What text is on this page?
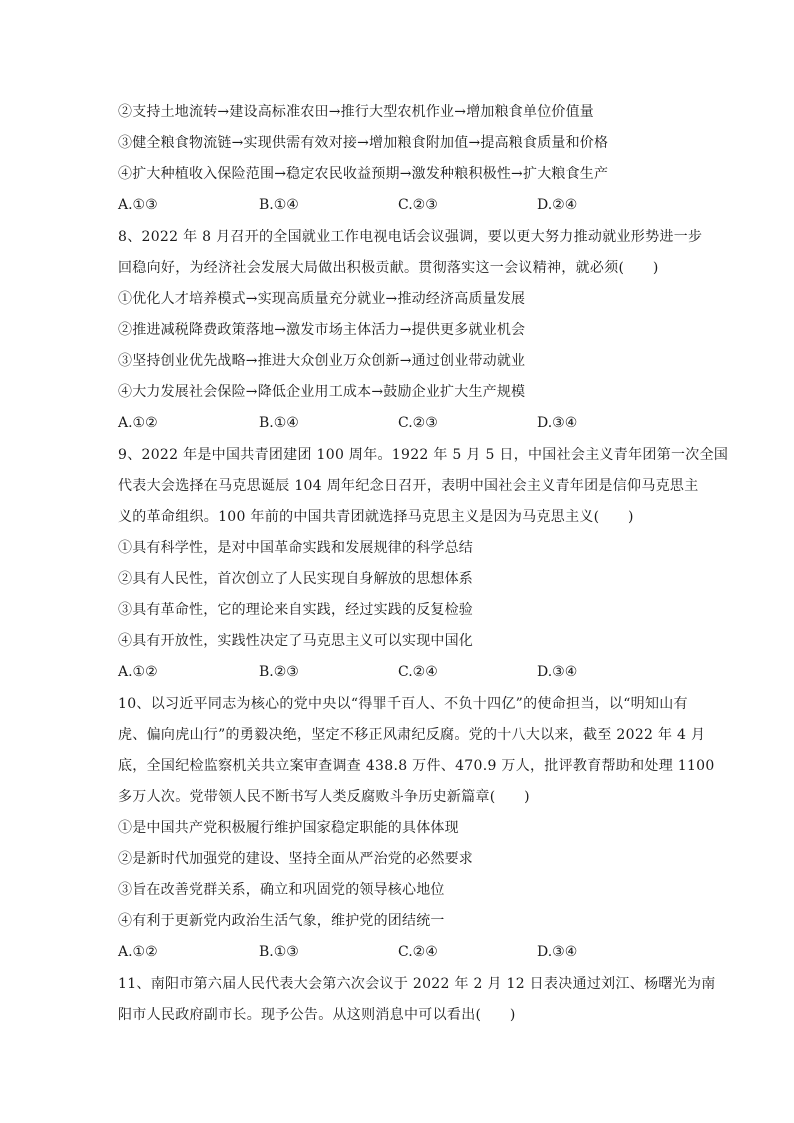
②支持土地流转→建设高标准农田→推行大型农机作业→增加粮食单位价值量
③健全粮食物流链→实现供需有效对接→增加粮食附加值→提高粮食质量和价格
④扩大种植收入保险范围→稳定农民收益预期→激发种粮积极性→扩大粮食生产
A.①③	B.①④	C.②③	D.②④
8、2022 年 8 月召开的全国就业工作电视电话会议强调，要以更大努力推动就业形势进一步
回稳向好，为经济社会发展大局做出积极贡献。贯彻落实这一会议精神，就必须(　　)
①优化人才培养模式→实现高质量充分就业→推动经济高质量发展
②推进减税降费政策落地→激发市场主体活力→提供更多就业机会
③坚持创业优先战略→推进大众创业万众创新→通过创业带动就业
④大力发展社会保险→降低企业用工成本→鼓励企业扩大生产规模
A.①②	B.①④	C.②③	D.③④
9、2022 年是中国共青团建团 100 周年。1922 年 5 月 5 日，中国社会主义青年团第一次全国
代表大会选择在马克思诞辰 104 周年纪念日召开，表明中国社会主义青年团是信仰马克思主
义的革命组织。100 年前的中国共青团就选择马克思主义是因为马克思主义(　　)
①具有科学性，是对中国革命实践和发展规律的科学总结
②具有人民性，首次创立了人民实现自身解放的思想体系
③具有革命性，它的理论来自实践，经过实践的反复检验
④具有开放性，实践性决定了马克思主义可以实现中国化
A.①②	B.②③	C.②④	D.③④
10、以习近平同志为核心的党中央以“得罪千百人、不负十四亿”的使命担当，以“明知山有
虎、偏向虎山行”的勇毅决绝，坚定不移正风肃纪反腐。党的十八大以来，截至 2022 年 4 月
底，全国纪检监察机关共立案审查调查 438.8 万件、470.9 万人，批评教育帮助和处理 1100
多万人次。党带领人民不断书写人类反腐败斗争历史新篇章(　　)
①是中国共产党积极履行维护国家稳定职能的具体体现
②是新时代加强党的建设、坚持全面从严治党的必然要求
③旨在改善党群关系，确立和巩固党的领导核心地位
④有利于更新党内政治生活气象，维护党的团结统一
A.①②	B.①③	C.②④	D.③④
11、南阳市第六届人民代表大会第六次会议于 2022 年 2 月 12 日表决通过刘江、杨曙光为南
阳市人民政府副市长。现予公告。从这则消息中可以看出(　　)
